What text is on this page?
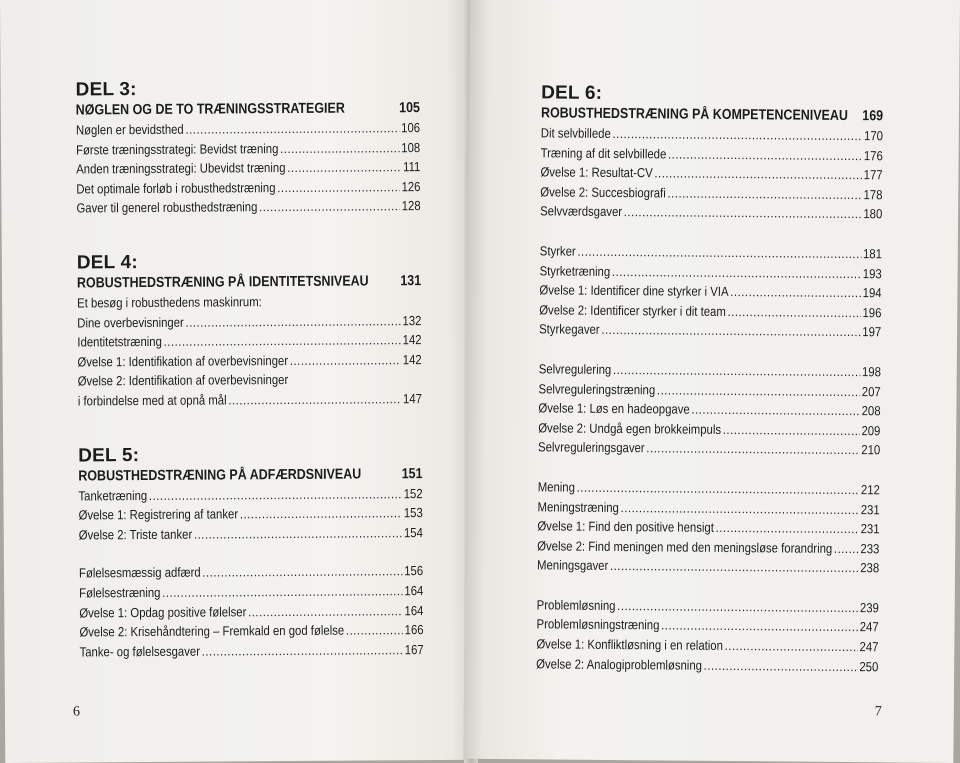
DEL 3:
NØGLEN OG DE TO TRÆNINGSSTRATEGIER	105
Nøglen er bevidsthed .....	106
Første træningsstrategi: Bevidst træning .....	108
Anden træningsstrategi: Ubevidst træning .....	111
Det optimale forløb i robusthedstræning .....	126
Gaver til generel robusthedstræning .....	128
DEL 4:
ROBUSTHEDSTRÆNING PÅ IDENTITETSNIVEAU	131
Et besøg i robusthedens maskinrum:
Dine overbevisninger .....	132
Identitetstræning .....	142
Øvelse 1: Identifikation af overbevisninger .....	142
Øvelse 2: Identifikation af overbevisninger
i forbindelse med at opnå mål .....	147
DEL 5:
ROBUSTHEDSTRÆNING PÅ ADFÆRDSNIVEAU	151
Tanketræning .....	152
Øvelse 1: Registrering af tanker .....	153
Øvelse 2: Triste tanker .....	154
Følelsesmæssig adfærd .....	156
Følelsestræning .....	164
Øvelse 1: Opdag positive følelser .....	164
Øvelse 2: Krisehåndtering – Fremkald en god følelse .....	166
Tanke- og følelsesgaver .....	167
6
DEL 6:
ROBUSTHEDSTRÆNING PÅ KOMPETENCENIVEAU 169
Dit selvbillede .....	170
Træning af dit selvbillede .....	176
Øvelse 1: Resultat-CV .....	177
Øvelse 2: Succesbiografi .....	178
Selvværdsgaver .....	180
Styrker .....	181
Styrketræning .....	193
Øvelse 1: Identificer dine styrker i VIA .....	194
Øvelse 2: Identificer styrker i dit team .....	196
Styrkegaver .....	197
Selvregulering .....	198
Selvreguleringstræning .....	207
Øvelse 1: Løs en hadeopgave .....	208
Øvelse 2: Undgå egen brokkeimpuls .....	209
Selvreguleringsgaver .....	210
Mening .....	212
Meningstræning .....	231
Øvelse 1: Find den positive hensigt .....	231
Øvelse 2: Find meningen med den meningsløse forandring ..... 233
Meningsgaver .....	238
Problemløsning .....	239
Problemløsningstræning .....	247
Øvelse 1: Konfliktløsning i en relation .....	247
Øvelse 2: Analogiproblemløsning .....	250
7
